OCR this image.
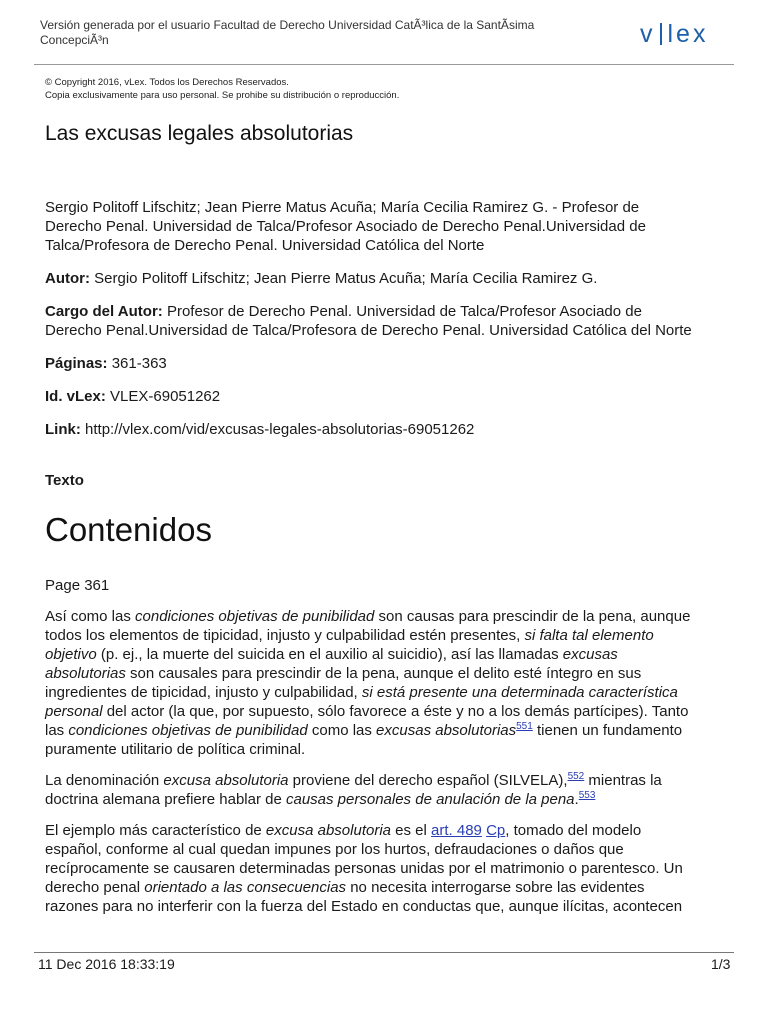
Versión generada por el usuario Facultad de Derecho Universidad CatÃ³lica de la SantÃsima ConcepciÃ³n	v lex
© Copyright 2016, vLex. Todos los Derechos Reservados.
Copia exclusivamente para uso personal. Se prohibe su distribución o reproducción.
Las excusas legales absolutorias

Sergio Politoff Lifschitz; Jean Pierre Matus Acuña; María Cecilia Ramirez G. - Profesor de Derecho Penal. Universidad de Talca/Profesor Asociado de Derecho Penal.Universidad de Talca/Profesora de Derecho Penal. Universidad Católica del Norte

Autor: Sergio Politoff Lifschitz; Jean Pierre Matus Acuña; María Cecilia Ramirez G.

Cargo del Autor: Profesor de Derecho Penal. Universidad de Talca/Profesor Asociado de Derecho Penal.Universidad de Talca/Profesora de Derecho Penal. Universidad Católica del Norte

Páginas: 361-363

Id. vLex: VLEX-69051262

Link: http://vlex.com/vid/excusas-legales-absolutorias-69051262

Texto
Contenidos

Page 361

Así como las condiciones objetivas de punibilidad son causas para prescindir de la pena, aunque todos los elementos de tipicidad, injusto y culpabilidad estén presentes, si falta tal elemento objetivo (p. ej., la muerte del suicida en el auxilio al suicidio), así las llamadas excusas absolutorias son causales para prescindir de la pena, aunque el delito esté íntegro en sus ingredientes de tipicidad, injusto y culpabilidad, si está presente una determinada característica personal del actor (la que, por supuesto, sólo favorece a éste y no a los demás partícipes). Tanto las condiciones objetivas de punibilidad como las excusas absolutorias$^{551}$ tienen un fundamento puramente utilitario de política criminal.

La denominación excusa absolutoria proviene del derecho español (SILVELA),$^{552}$ mientras la doctrina alemana prefiere hablar de causas personales de anulación de la pena.$^{553}$

El ejemplo más característico de excusa absolutoria es el art. 489 Cp, tomado del modelo español, conforme al cual quedan impunes por los hurtos, defraudaciones o daños que recíprocamente se causaren determinadas personas unidas por el matrimonio o parentesco. Un derecho penal orientado a las consecuencias no necesita interrogarse sobre las evidentes razones para no interferir con la fuerza del Estado en conductas que, aunque ilícitas, acontecen

11 Dec 2016 18:33:19	1/3
